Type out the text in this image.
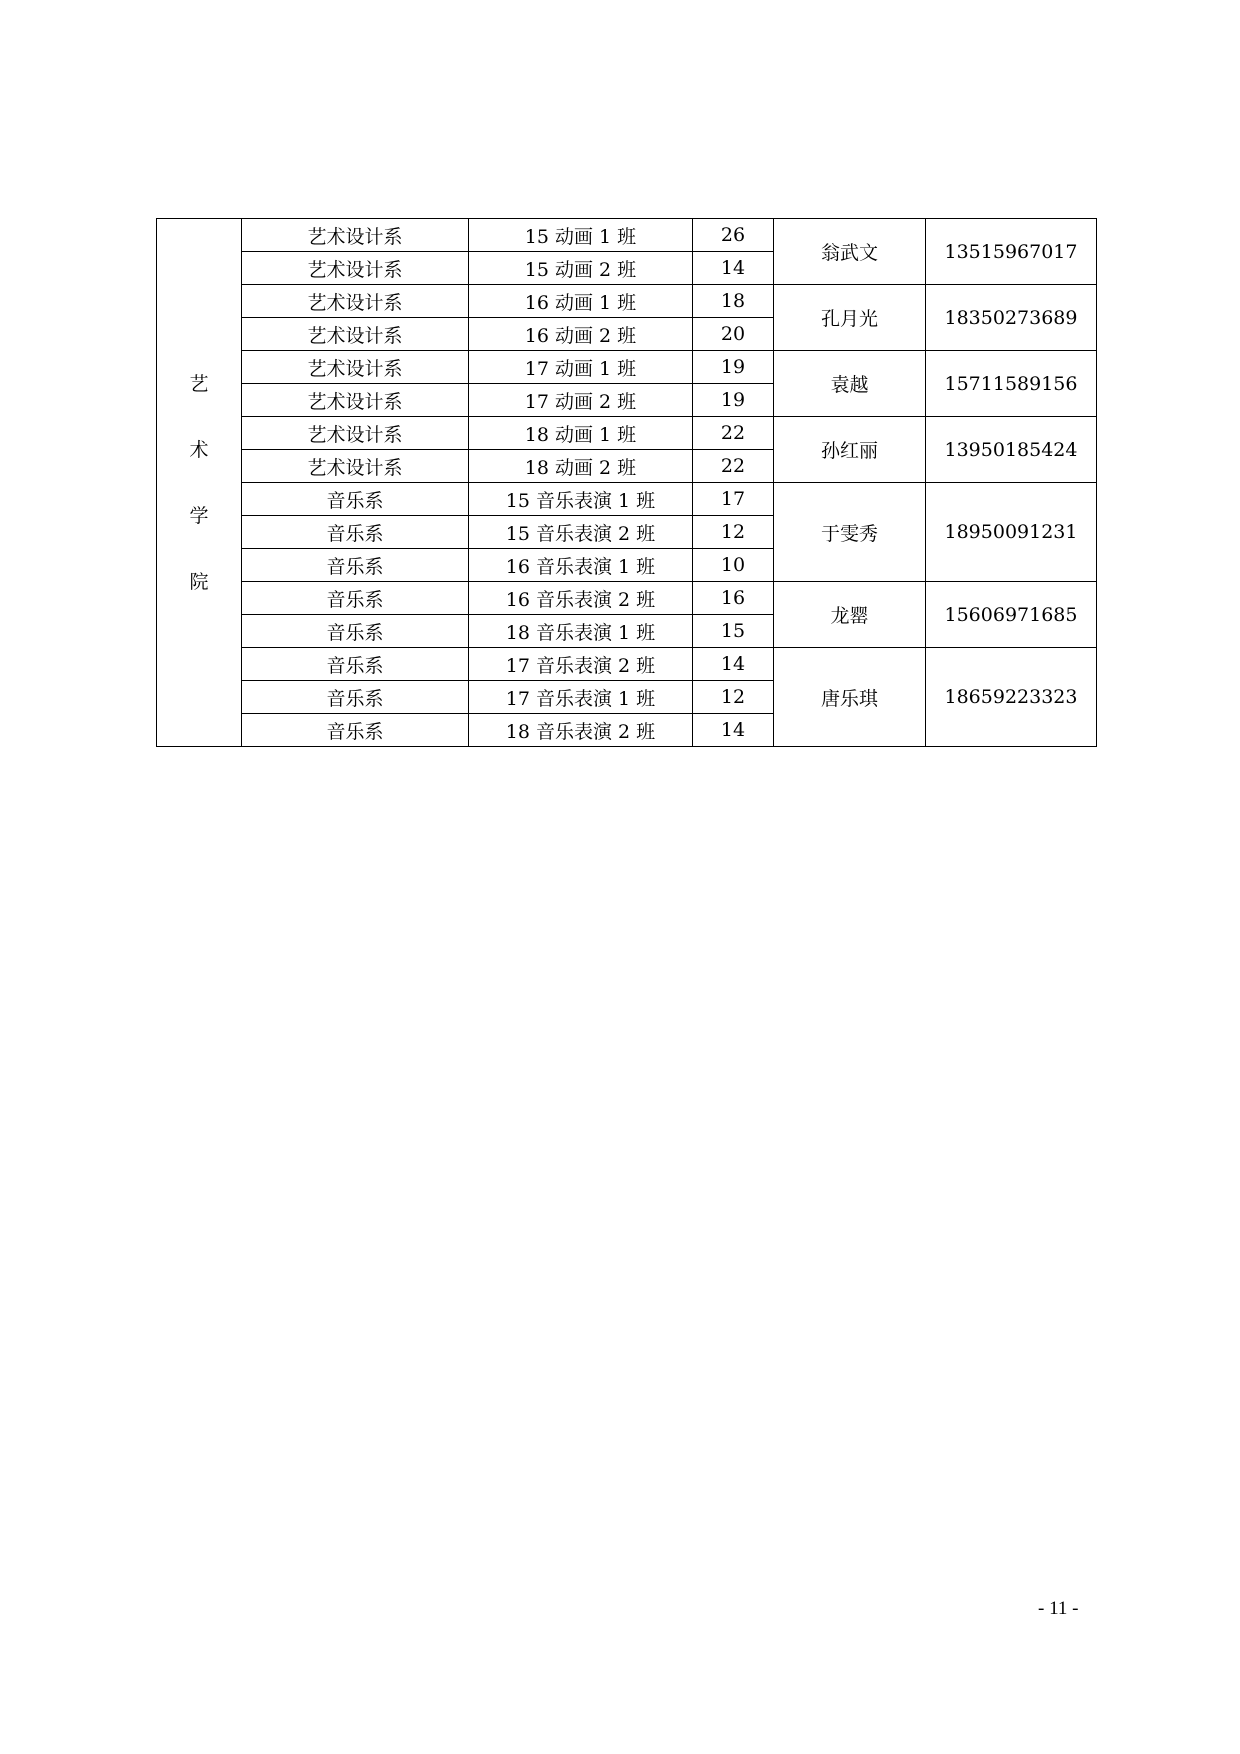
艺
术
学
院	艺术设计系	15 动画 1 班	26	翁武文	13515967017
	艺术设计系	15 动画 2 班	14		
	艺术设计系	16 动画 1 班	18	孔月光	18350273689
	艺术设计系	16 动画 2 班	20		
	艺术设计系	17 动画 1 班	19	袁越	15711589156
	艺术设计系	17 动画 2 班	19		
	艺术设计系	18 动画 1 班	22	孙红丽	13950185424
	艺术设计系	18 动画 2 班	22		
	音乐系	15 音乐表演 1 班	17	于雯秀	18950091231
	音乐系	15 音乐表演 2 班	12		
	音乐系	16 音乐表演 1 班	10		
	音乐系	16 音乐表演 2 班	16	龙罂	15606971685
	音乐系	18 音乐表演 1 班	15		
	音乐系	17 音乐表演 2 班	14	唐乐琪	18659223323
	音乐系	17 音乐表演 1 班	12		
	音乐系	18 音乐表演 2 班	14		
- 11 -
